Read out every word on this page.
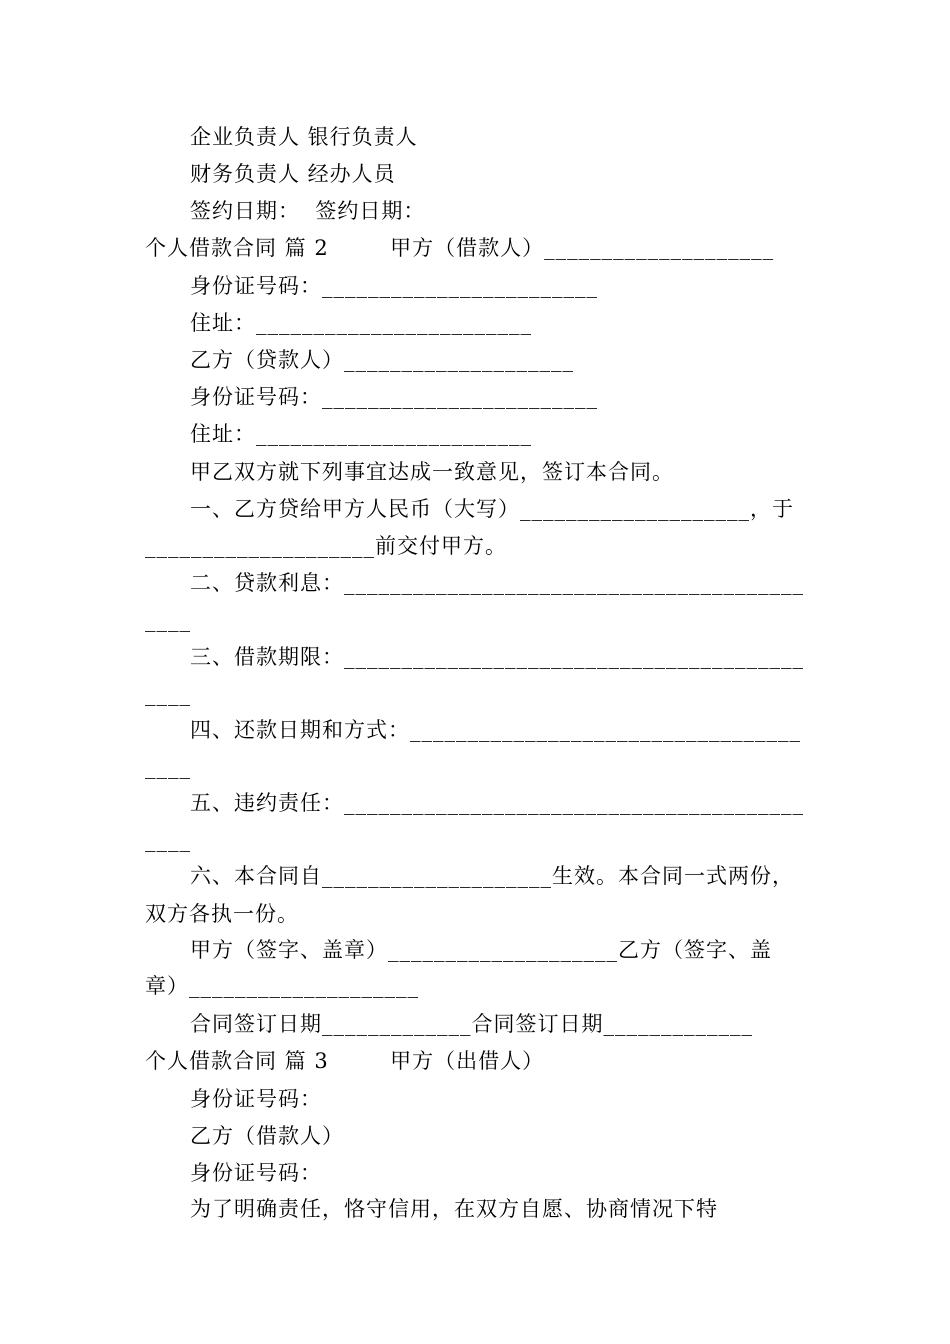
企业负责人 银行负责人
财务负责人 经办人员
签约日期：  签约日期：
个人借款合同 篇 2        甲方（借款人）____________________
身份证号码：________________________
住址：________________________
乙方（贷款人）____________________
身份证号码：________________________
住址：________________________
甲乙双方就下列事宜达成一致意见，签订本合同。
一、乙方贷给甲方人民币（大写）____________________，于
____________________前交付甲方。
二、贷款利息：________________________________________
____
三、借款期限：________________________________________
____
四、还款日期和方式：__________________________________
____
五、违约责任：________________________________________
____
六、本合同自____________________生效。本合同一式两份，
双方各执一份。
甲方（签字、盖章）____________________乙方（签字、盖
章）____________________
合同签订日期_____________合同签订日期_____________
个人借款合同 篇 3        甲方（出借人）
身份证号码：
乙方（借款人）
身份证号码：
为了明确责任，恪守信用，在双方自愿、协商情况下特
